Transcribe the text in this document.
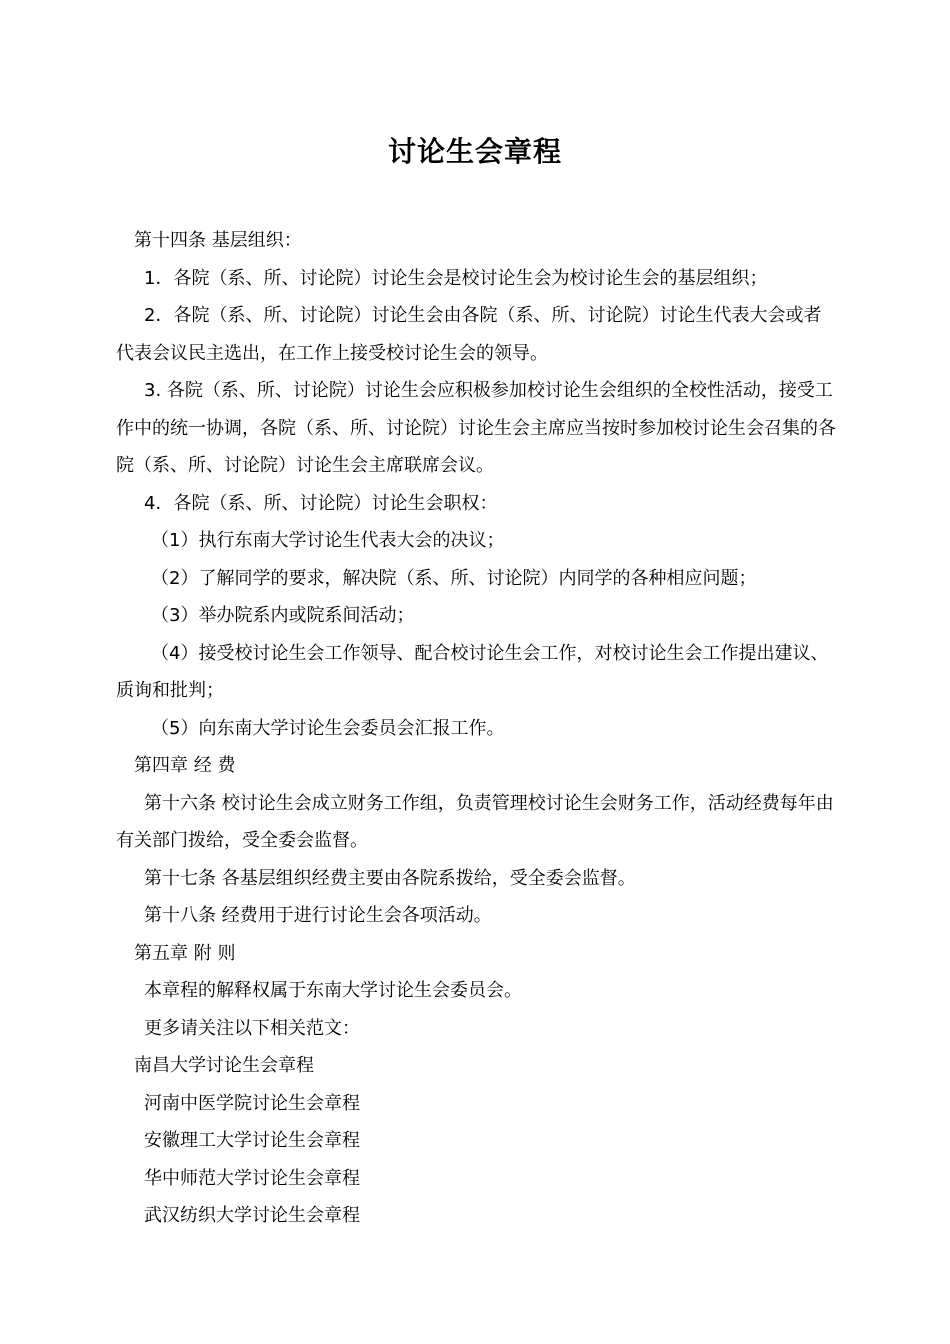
讨论生会章程

第十四条 基层组织：

1．各院（系、所、讨论院）讨论生会是校讨论生会为校讨论生会的基层组织；

2．各院（系、所、讨论院）讨论生会由各院（系、所、讨论院）讨论生代表大会或者代表会议民主选出，在工作上接受校讨论生会的领导。

3. 各院（系、所、讨论院）讨论生会应积极参加校讨论生会组织的全校性活动，接受工作中的统一协调，各院（系、所、讨论院）讨论生会主席应当按时参加校讨论生会召集的各院（系、所、讨论院）讨论生会主席联席会议。

4．各院（系、所、讨论院）讨论生会职权：

（1）执行东南大学讨论生代表大会的决议；

（2）了解同学的要求，解决院（系、所、讨论院）内同学的各种相应问题；

（3）举办院系内或院系间活动；

（4）接受校讨论生会工作领导、配合校讨论生会工作，对校讨论生会工作提出建议、质询和批判；

（5）向东南大学讨论生会委员会汇报工作。

第四章 经 费

第十六条 校讨论生会成立财务工作组，负责管理校讨论生会财务工作，活动经费每年由有关部门拨给，受全委会监督。

第十七条 各基层组织经费主要由各院系拨给，受全委会监督。

第十八条 经费用于进行讨论生会各项活动。

第五章 附 则

本章程的解释权属于东南大学讨论生会委员会。

更多请关注以下相关范文：

南昌大学讨论生会章程

河南中医学院讨论生会章程

安徽理工大学讨论生会章程

华中师范大学讨论生会章程

武汉纺织大学讨论生会章程
